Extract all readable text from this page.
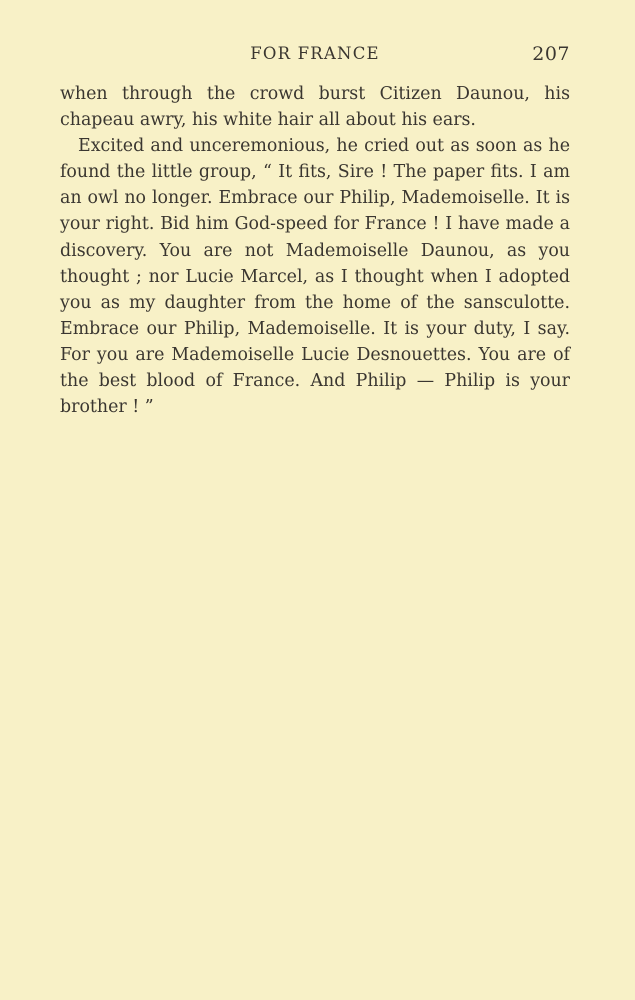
FOR FRANCE	207

when through the crowd burst Citizen Daunou, his chapeau awry, his white hair all about his ears.

Excited and unceremonious, he cried out as soon as he found the little group, “ It fits, Sire ! The paper fits. I am an owl no longer. Embrace our Philip, Mademoiselle. It is your right. Bid him God-speed for France ! I have made a discovery. You are not Mademoiselle Daunou, as you thought ; nor Lucie Marcel, as I thought when I adopted you as my daughter from the home of the sansculotte. Embrace our Philip, Mademoiselle. It is your duty, I say. For you are Mademoiselle Lucie Desnouettes. You are of the best blood of France. And Philip — Philip is your brother ! ”
